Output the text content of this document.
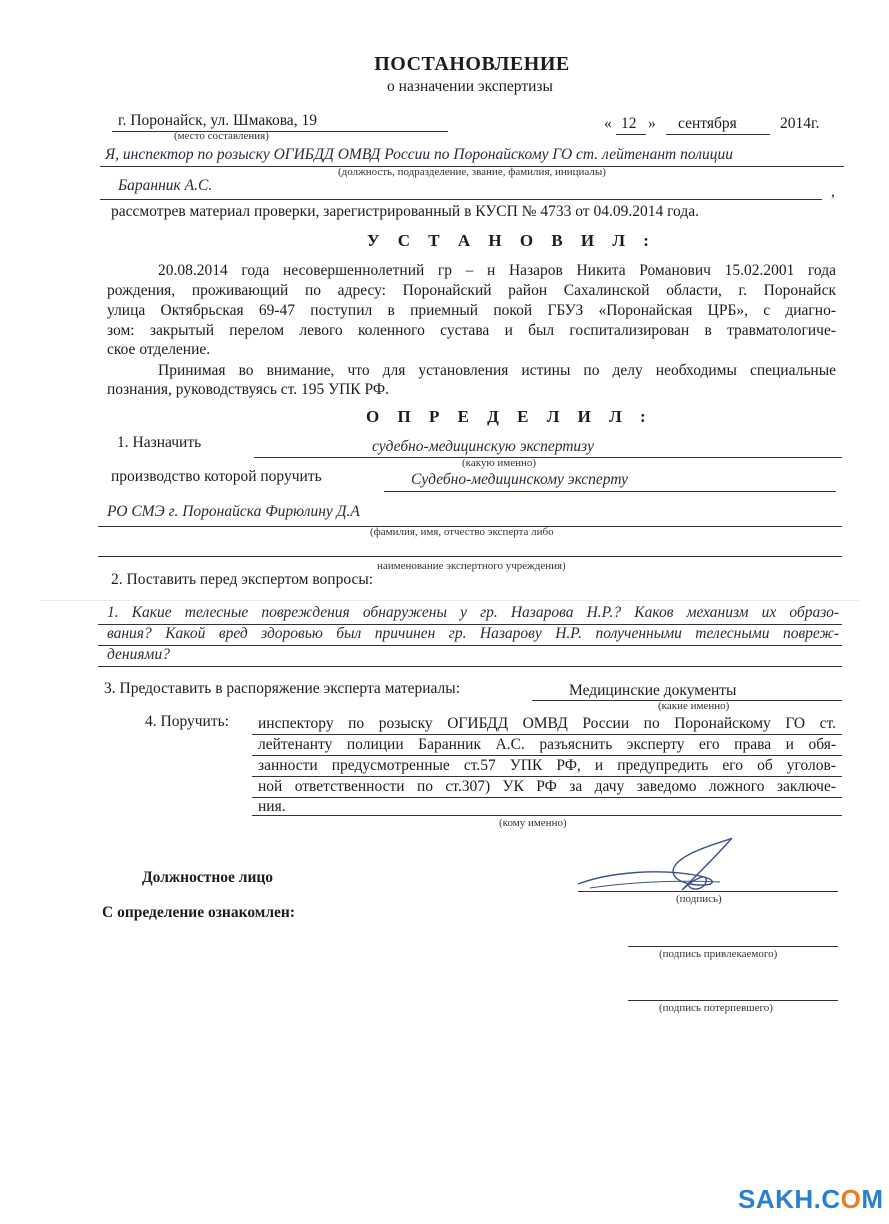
ПОСТАНОВЛЕНИЕ
о назначении экспертизы
г. Поронайск, ул. Шмакова, 19
(место составления)
« 12 » сентября	2014г.
Я, инспектор по розыску ОГИБДД ОМВД России по Поронайскому ГО ст. лейтенант полиции
(должность, подразделение, звание, фамилия, инициалы)
Баранник А.С.	,
рассмотрев материал проверки, зарегистрированный в КУСП № 4733 от 04.09.2014 года.
У С Т А Н О В И Л :
20.08.2014 года несовершеннолетний гр – н Назаров Никита Романович 15.02.2001 года
рождения, проживающий по адресу: Поронайский район Сахалинской области, г. Поронайск
улица Октябрьская 69-47 поступил в приемный покой ГБУЗ «Поронайская ЦРБ», с диагно-
зом: закрытый перелом левого коленного сустава и был госпитализирован в травматологиче-
ское отделение.
Принимая во внимание, что для установления истины по делу необходимы специальные
познания, руководствуясь ст. 195 УПК РФ.
О П Р Е Д Е Л И Л :
1. Назначить	судебно-медицинскую экспертизу
(какую именно)
производство которой поручить	Судебно-медицинскому эксперту
РО СМЭ г. Поронайска Фирюлину Д.А
(фамилия, имя, отчество эксперта либо
наименование экспертного учреждения)
2. Поставить перед экспертом вопросы:
1. Какие телесные повреждения обнаружены у гр. Назарова Н.Р.? Каков механизм их образо-
вания? Какой вред здоровью был причинен гр. Назарову Н.Р. полученными телесными повреж-
дениями?
3. Предоставить в распоряжение эксперта материалы:	Медицинские документы
(какие именно)
4. Поручить: инспектору по розыску ОГИБДД ОМВД России по Поронайскому ГО ст.
лейтенанту полиции Баранник А.С. разъяснить эксперту его права и обя-
занности предусмотренные ст.57 УПК РФ, и предупредить его об уголов-
ной ответственности по ст.307) УК РФ за дачу заведомо ложного заключе-
ния.
(кому именно)
Должностное лицо
(подпись)
С определение ознакомлен:
(подпись привлекаемого)
(подпись потерпевшего)
SAKH.COM
